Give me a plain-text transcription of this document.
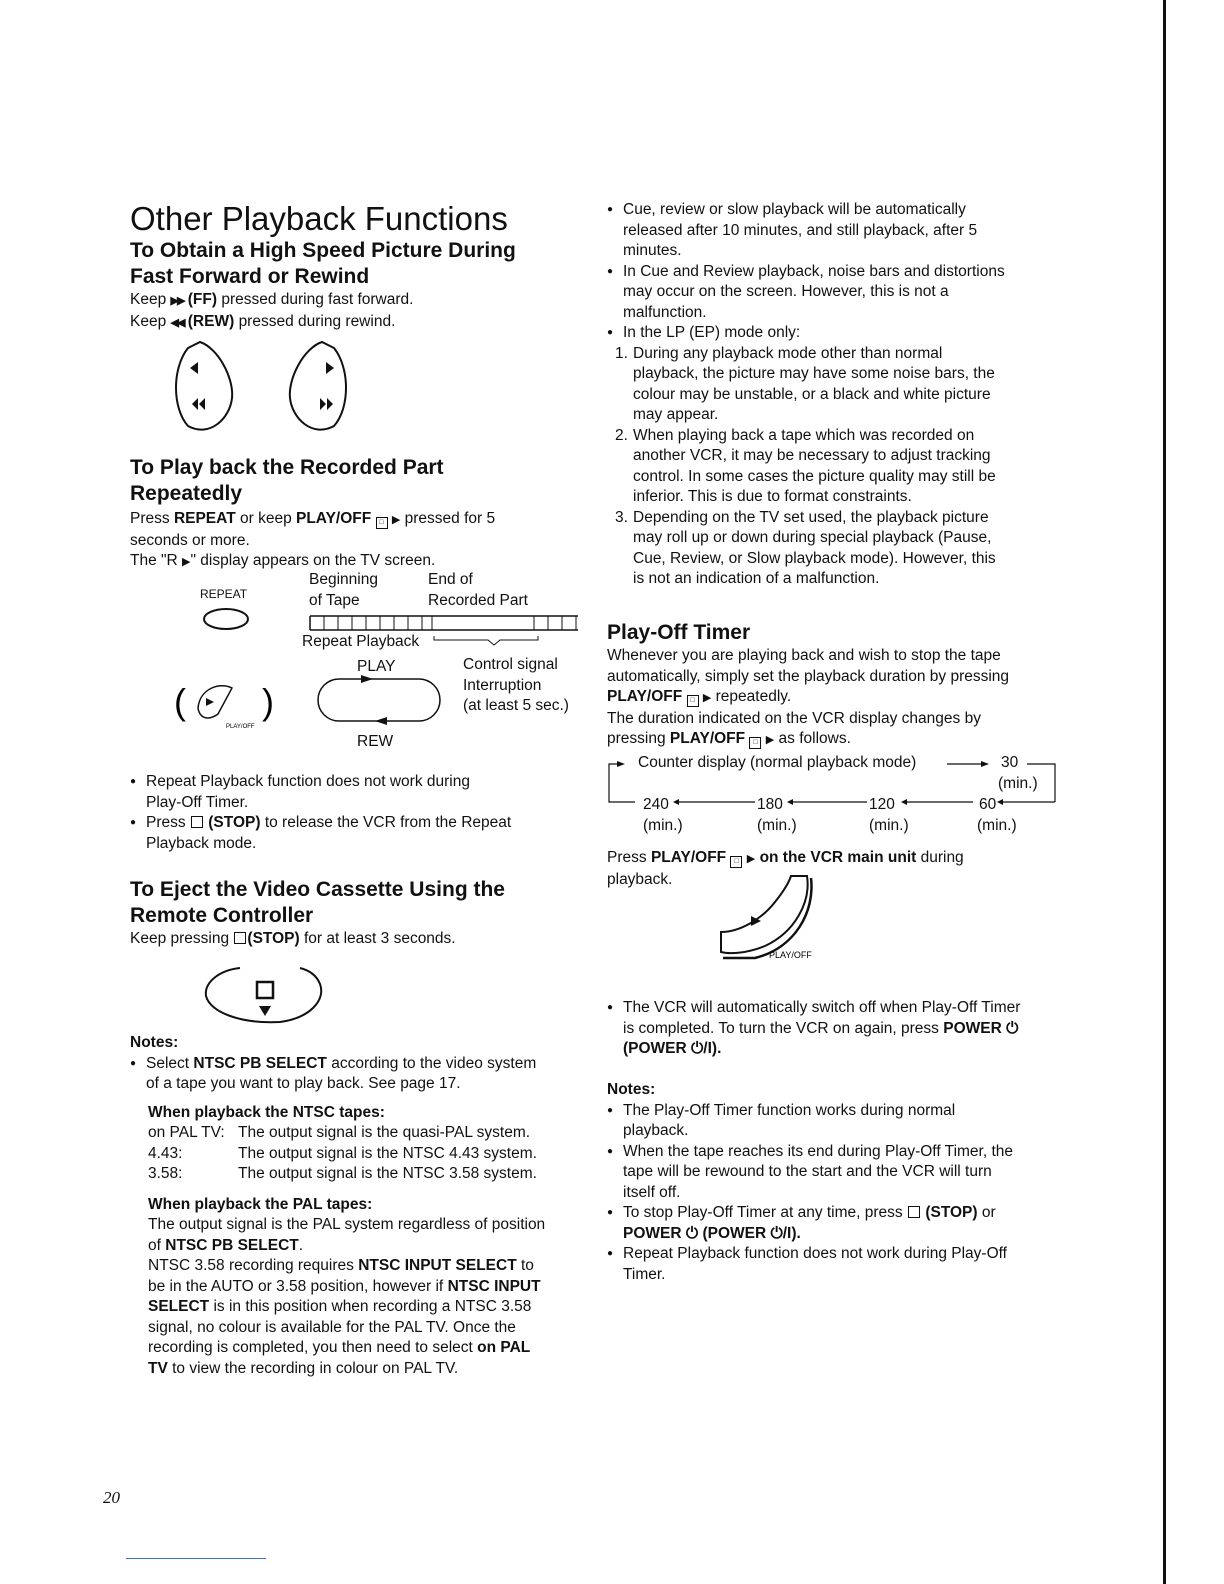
Other Playback Functions
To Obtain a High Speed Picture During
Fast Forward or Rewind
Keep ▶▶ (FF) pressed during fast forward.
Keep ◀◀ (REW) pressed during rewind.
To Play back the Recorded Part
Repeatedly
Press REPEAT or keep PLAY/OFF □ ▶ pressed for 5
seconds or more.
The "R ▶" display appears on the TV screen.
REPEAT
Beginning
of Tape
End of
Recorded Part
Repeat Playback
PLAY
REW
Control signal
Interruption
(at least 5 sec.)
( )
PLAY/OFF
● Repeat Playback function does not work during
Play-Off Timer.
● Press (STOP) to release the VCR from the Repeat
Playback mode.
To Eject the Video Cassette Using the
Remote Controller
Keep pressing (STOP) for at least 3 seconds.
Notes:
● Select NTSC PB SELECT according to the video system
of a tape you want to play back. See page 17.
When playback the NTSC tapes:
on PAL TV: The output signal is the quasi-PAL system.
4.43:	The output signal is the NTSC 4.43 system.
3.58:	The output signal is the NTSC 3.58 system.
When playback the PAL tapes:
The output signal is the PAL system regardless of position
of NTSC PB SELECT.
NTSC 3.58 recording requires NTSC INPUT SELECT to
be in the AUTO or 3.58 position, however if NTSC INPUT
SELECT is in this position when recording a NTSC 3.58
signal, no colour is available for the PAL TV. Once the
recording is completed, you then need to select on PAL
TV to view the recording in colour on PAL TV.
20
● Cue, review or slow playback will be automatically
released after 10 minutes, and still playback, after 5
minutes.
● In Cue and Review playback, noise bars and distortions
may occur on the screen. However, this is not a
malfunction.
● In the LP (EP) mode only:
1. During any playback mode other than normal
playback, the picture may have some noise bars, the
colour may be unstable, or a black and white picture
may appear.
2. When playing back a tape which was recorded on
another VCR, it may be necessary to adjust tracking
control. In some cases the picture quality may still be
inferior. This is due to format constraints.
3. Depending on the TV set used, the playback picture
may roll up or down during special playback (Pause,
Cue, Review, or Slow playback mode). However, this
is not an indication of a malfunction.
Play-Off Timer
Whenever you are playing back and wish to stop the tape
automatically, simply set the playback duration by pressing
PLAY/OFF □ ▶ repeatedly.
The duration indicated on the VCR display changes by
pressing PLAY/OFF □ ▶ as follows.
Counter display (normal playback mode)	30
(min.)
240	180	120	60
(min.)	(min.)	(min.)	(min.)
Press PLAY/OFF □ ▶ on the VCR main unit during
playback.
PLAY/OFF
● The VCR will automatically switch off when Play-Off Timer
is completed. To turn the VCR on again, press POWER ⏻
(POWER ⏻/I).
Notes:
● The Play-Off Timer function works during normal
playback.
● When the tape reaches its end during Play-Off Timer, the
tape will be rewound to the start and the VCR will turn
itself off.
● To stop Play-Off Timer at any time, press (STOP) or
POWER ⏻ (POWER ⏻/I).
● Repeat Playback function does not work during Play-Off
Timer.
